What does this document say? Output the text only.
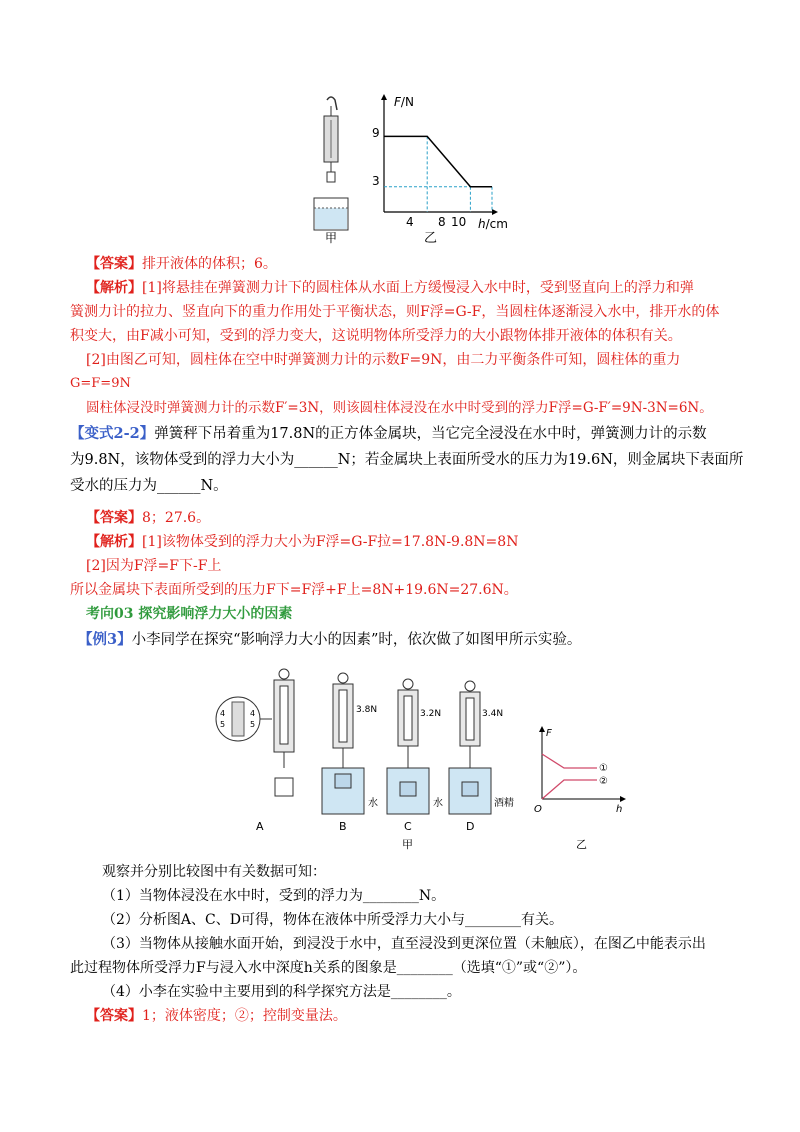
甲
F/N
h/cm
9
3
4 8 10
乙
【答案】排开液体的体积；6。
【解析】[1]将悬挂在弹簧测力计下的圆柱体从水面上方缓慢浸入水中时，受到竖直向上的浮力和弹
簧测力计的拉力、竖直向下的重力作用处于平衡状态，则F浮=G-F，当圆柱体逐渐浸入水中，排开水的体
积变大，由F减小可知，受到的浮力变大，这说明物体所受浮力的大小跟物体排开液体的体积有关。
[2]由图乙可知，圆柱体在空中时弹簧测力计的示数F=9N，由二力平衡条件可知，圆柱体的重力
G=F=9N
圆柱体浸没时弹簧测力计的示数F′=3N，则该圆柱体浸没在水中时受到的浮力F浮=G-F′=9N-3N=6N。
【变式2-2】弹簧秤下吊着重为17.8N的正方体金属块，当它完全浸没在水中时，弹簧测力计的示数
为9.8N，该物体受到的浮力大小为______N；若金属块上表面所受水的压力为19.6N，则金属块下表面所
受水的压力为______N。
【答案】8；27.6。
【解析】[1]该物体受到的浮力大小为F浮=G-F拉=17.8N-9.8N=8N
[2]因为F浮=F下-F上
所以金属块下表面所受到的压力F下=F浮+F上=8N+19.6N=27.6N。
考向03 探究影响浮力大小的因素
【例3】小李同学在探究“影响浮力大小的因素”时，依次做了如图甲所示实验。
4
5
4
5
3.8N	3.2N	3.4N
A	B	C	D
水	水	酒精
甲
F
h
O
①
②
乙
观察并分别比较图中有关数据可知：
（1）当物体浸没在水中时，受到的浮力为________N。
（2）分析图A、C、D可得，物体在液体中所受浮力大小与________有关。
（3）当物体从接触水面开始，到浸没于水中，直至浸没到更深位置（未触底），在图乙中能表示出
此过程物体所受浮力F与浸入水中深度h关系的图象是________（选填“①”或“②”）。
（4）小李在实验中主要用到的科学探究方法是________。
【答案】1；液体密度；②；控制变量法。
